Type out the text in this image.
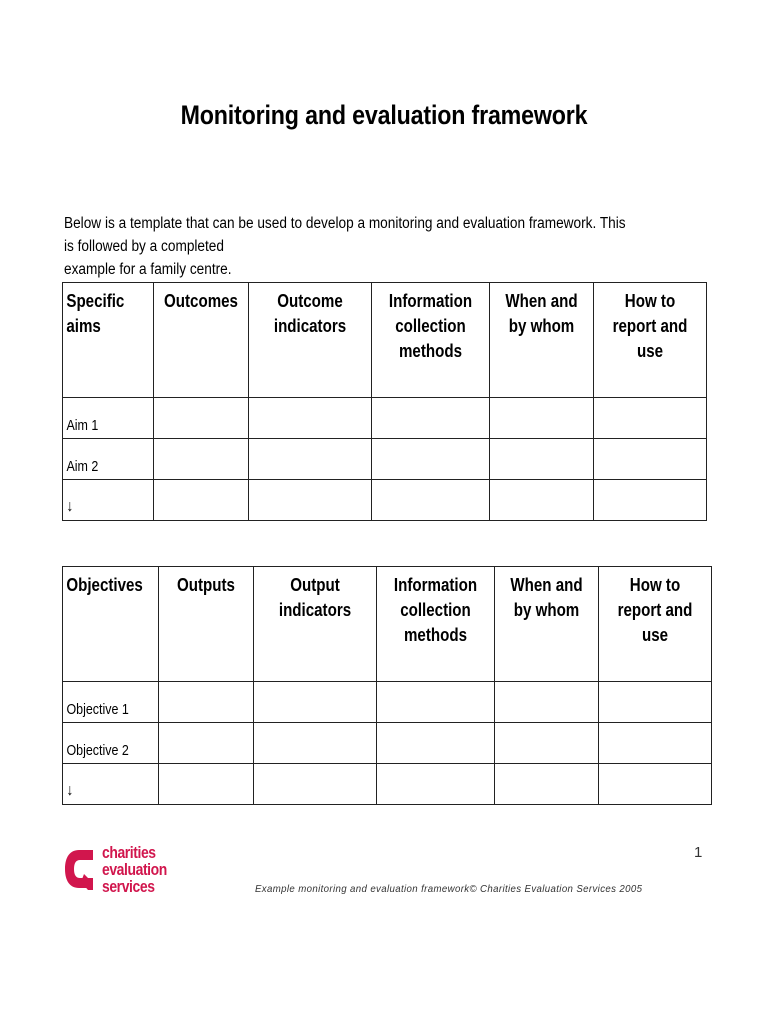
Monitoring and evaluation framework

Below is a template that can be used to develop a monitoring and evaluation framework. This is followed by a completed

example for a family centre.

Specific aims	Outcomes	Outcome indicators	Information collection methods	When and by whom	How to report and use

Aim 1					

Aim 2					

↓					

Objectives	Outputs	Output indicators	Information collection methods	When and by whom	How to report and use

Objective 1					

Objective 2					

↓					

charities
evaluation
services
1
Example monitoring and evaluation framework© Charities Evaluation Services 2005
